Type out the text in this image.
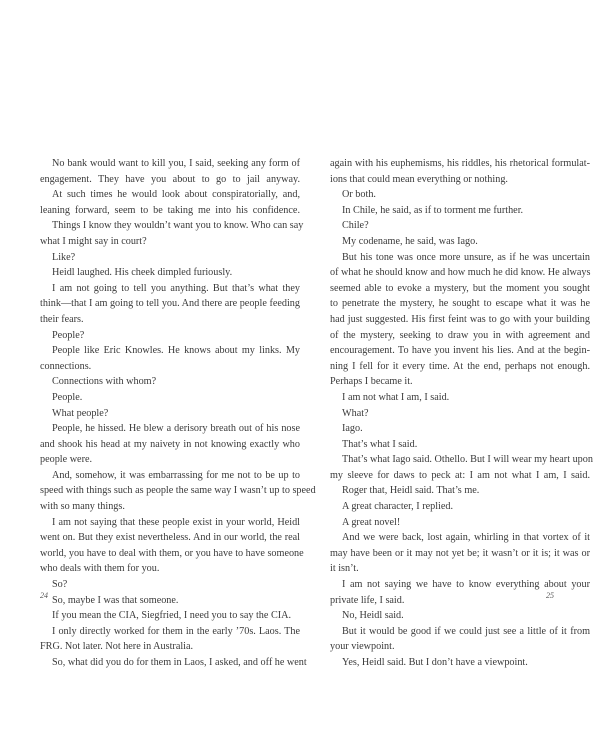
No bank would want to kill you, I said, seeking any form of
engagement. They have you about to go to jail anyway.
At such times he would look about conspiratorially, and,
leaning forward, seem to be taking me into his confidence.
Things I know they wouldn’t want you to know. Who can say
what I might say in court?
Like?
Heidl laughed. His cheek dimpled furiously.
I am not going to tell you anything. But that’s what they
think—that I am going to tell you. And there are people feeding
their fears.
People?
People like Eric Knowles. He knows about my links. My
connections.
Connections with whom?
People.
What people?
People, he hissed. He blew a derisory breath out of his nose
and shook his head at my naivety in not knowing exactly who
people were.
And, somehow, it was embarrassing for me not to be up to
speed with things such as people the same way I wasn’t up to speed
with so many things.
I am not saying that these people exist in your world, Heidl
went on. But they exist nevertheless. And in our world, the real
world, you have to deal with them, or you have to have someone
who deals with them for you.
So?
So, maybe I was that someone.
If you mean the CIA, Siegfried, I need you to say the CIA.
I only directly worked for them in the early ’70s. Laos. The
FRG. Not later. Not here in Australia.
So, what did you do for them in Laos, I asked, and off he went
again with his euphemisms, his riddles, his rhetorical formulat-
ions that could mean everything or nothing.
Or both.
In Chile, he said, as if to torment me further.
Chile?
My codename, he said, was Iago.
But his tone was once more unsure, as if he was uncertain
of what he should know and how much he did know. He always
seemed able to evoke a mystery, but the moment you sought
to penetrate the mystery, he sought to escape what it was he
had just suggested. His first feint was to go with your building
of the mystery, seeking to draw you in with agreement and
encouragement. To have you invent his lies. And at the begin-
ning I fell for it every time. At the end, perhaps not enough.
Perhaps I became it.
I am not what I am, I said.
What?
Iago.
That’s what I said.
That’s what Iago said. Othello. But I will wear my heart upon
my sleeve for daws to peck at: I am not what I am, I said.
Roger that, Heidl said. That’s me.
A great character, I replied.
A great novel!
And we were back, lost again, whirling in that vortex of it
may have been or it may not yet be; it wasn’t or it is; it was or
it isn’t.
I am not saying we have to know everything about your
private life, I said.
No, Heidl said.
But it would be good if we could just see a little of it from
your viewpoint.
Yes, Heidl said. But I don’t have a viewpoint.
24	25
